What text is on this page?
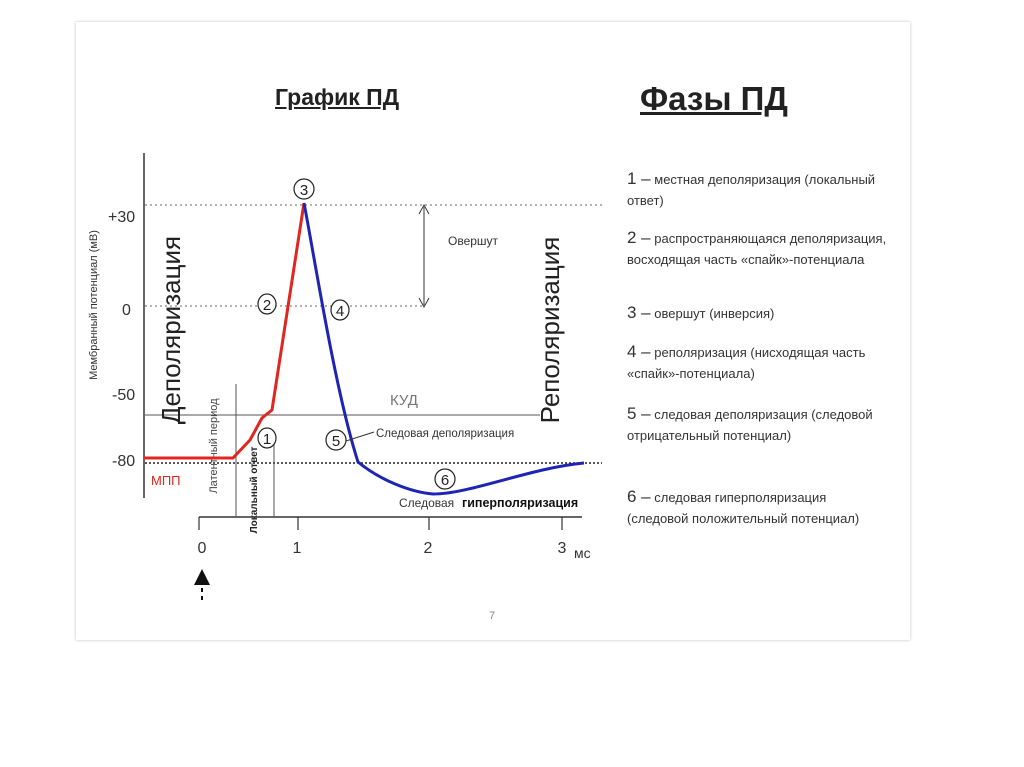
График ПД	Фазы ПД
+30
0
-50
-80
Мембранный потенциал (мВ)
КУД
Овершут
Деполяризация	Реполяризация
Латентный период	Локальный ответ
МПП
1
2
3
4
5
6
Следовая деполяризация
Следовая гиперполяризация
0	1	2	3 мс
1 – местная деполяризация (локальный ответ)
2 – распространяющаяся деполяризация, восходящая часть «спайк»-потенциала
3 – овершут (инверсия)
4 – реполяризация (нисходящая часть «спайк»-потенциала)
5 – следовая деполяризация (следовой отрицательный потенциал)
6 – следовая гиперполяризация (следовой положительный потенциал)
7
